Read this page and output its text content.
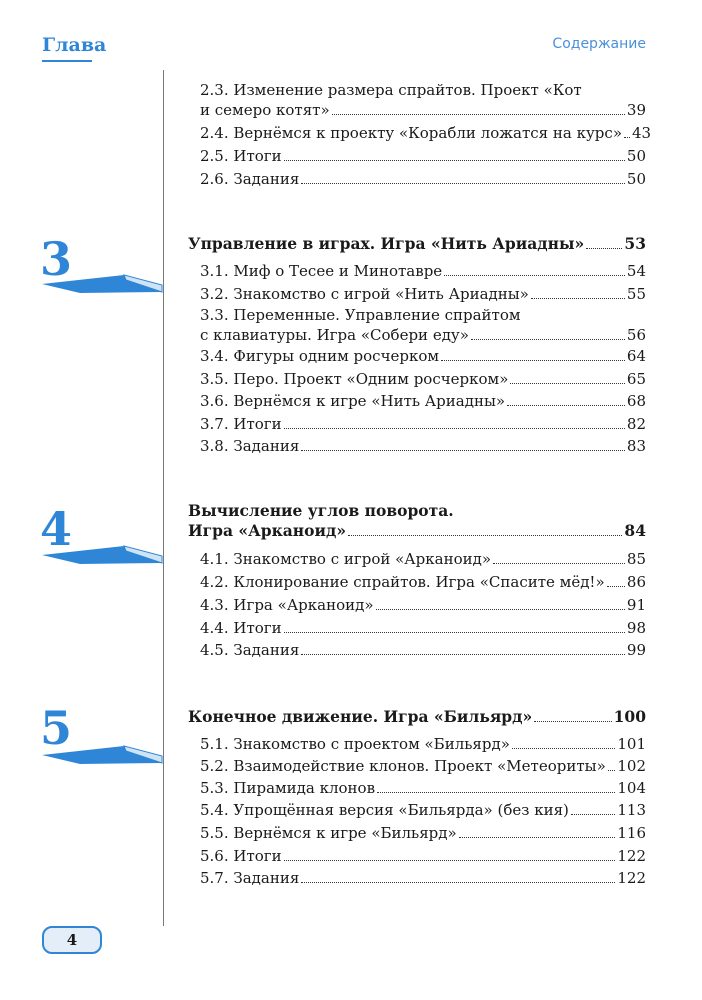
Глава	Содержание
2.3. Изменение размера спрайтов. Проект «Кот
и семеро котят»	39
2.4. Вернёмся к проекту «Корабли ложатся на курс» 43
2.5. Итоги	50
2.6. Задания	50
3	Управление в играх. Игра «Нить Ариадны»	53
3.1. Миф о Тесее и Минотавре	54
3.2. Знакомство с игрой «Нить Ариадны»	55
3.3. Переменные. Управление спрайтом
с клавиатуры. Игра «Собери еду»	56
3.4. Фигуры одним росчерком	64
3.5. Перо. Проект «Одним росчерком»	65
3.6. Вернёмся к игре «Нить Ариадны»	68
3.7. Итоги	82
3.8. Задания	83
4	Вычисление углов поворота.
Игра «Арканоид»	84
4.1. Знакомство с игрой «Арканоид»	85
4.2. Клонирование спрайтов. Игра «Спасите мёд!» 86
4.3. Игра «Арканоид»	91
4.4. Итоги	98
4.5. Задания	99
5	Конечное движение. Игра «Бильярд»	100
5.1. Знакомство с проектом «Бильярд»	101
5.2. Взаимодействие клонов. Проект «Метеориты» 102
5.3. Пирамида клонов	104
5.4. Упрощённая версия «Бильярда» (без кия)	113
5.5. Вернёмся к игре «Бильярд»	116
5.6. Итоги	122
5.7. Задания	122
4
